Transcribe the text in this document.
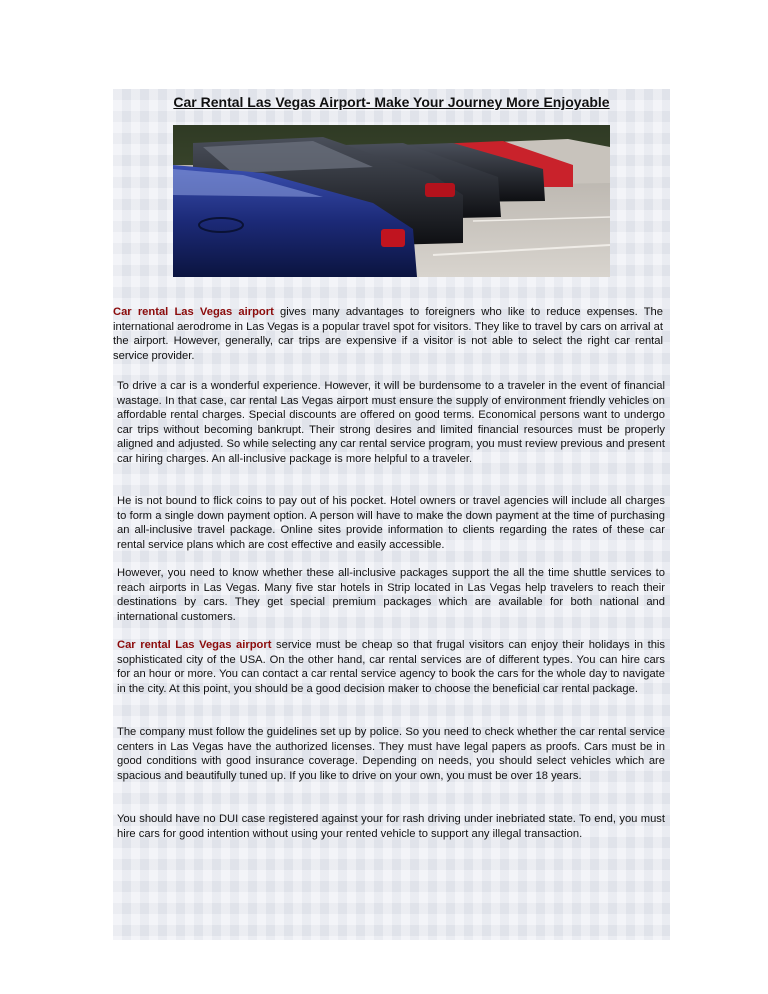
Car Rental Las Vegas Airport- Make Your Journey More Enjoyable

Car rental Las Vegas airport gives many advantages to foreigners who like to reduce expenses. The international aerodrome in Las Vegas is a popular travel spot for visitors. They like to travel by cars on arrival at the airport. However, generally, car trips are expensive if a visitor is not able to select the right car rental service provider.

To drive a car is a wonderful experience. However, it will be burdensome to a traveler in the event of financial wastage. In that case, car rental Las Vegas airport must ensure the supply of environment friendly vehicles on affordable rental charges. Special discounts are offered on good terms. Economical persons want to undergo car trips without becoming bankrupt. Their strong desires and limited financial resources must be properly aligned and adjusted. So while selecting any car rental service program, you must review previous and present car hiring charges. An all-inclusive package is more helpful to a traveler.

He is not bound to flick coins to pay out of his pocket. Hotel owners or travel agencies will include all charges to form a single down payment option. A person will have to make the down payment at the time of purchasing an all-inclusive travel package. Online sites provide information to clients regarding the rates of these car rental service plans which are cost effective and easily accessible.

However, you need to know whether these all-inclusive packages support the all the time shuttle services to reach airports in Las Vegas. Many five star hotels in Strip located in Las Vegas help travelers to reach their destinations by cars. They get special premium packages which are available for both national and international customers.

Car rental Las Vegas airport service must be cheap so that frugal visitors can enjoy their holidays in this sophisticated city of the USA. On the other hand, car rental services are of different types. You can hire cars for an hour or more. You can contact a car rental service agency to book the cars for the whole day to navigate in the city. At this point, you should be a good decision maker to choose the beneficial car rental package.

The company must follow the guidelines set up by police. So you need to check whether the car rental service centers in Las Vegas have the authorized licenses. They must have legal papers as proofs. Cars must be in good conditions with good insurance coverage. Depending on needs, you should select vehicles which are spacious and beautifully tuned up. If you like to drive on your own, you must be over 18 years.

You should have no DUI case registered against your for rash driving under inebriated state. To end, you must hire cars for good intention without using your rented vehicle to support any illegal transaction.
